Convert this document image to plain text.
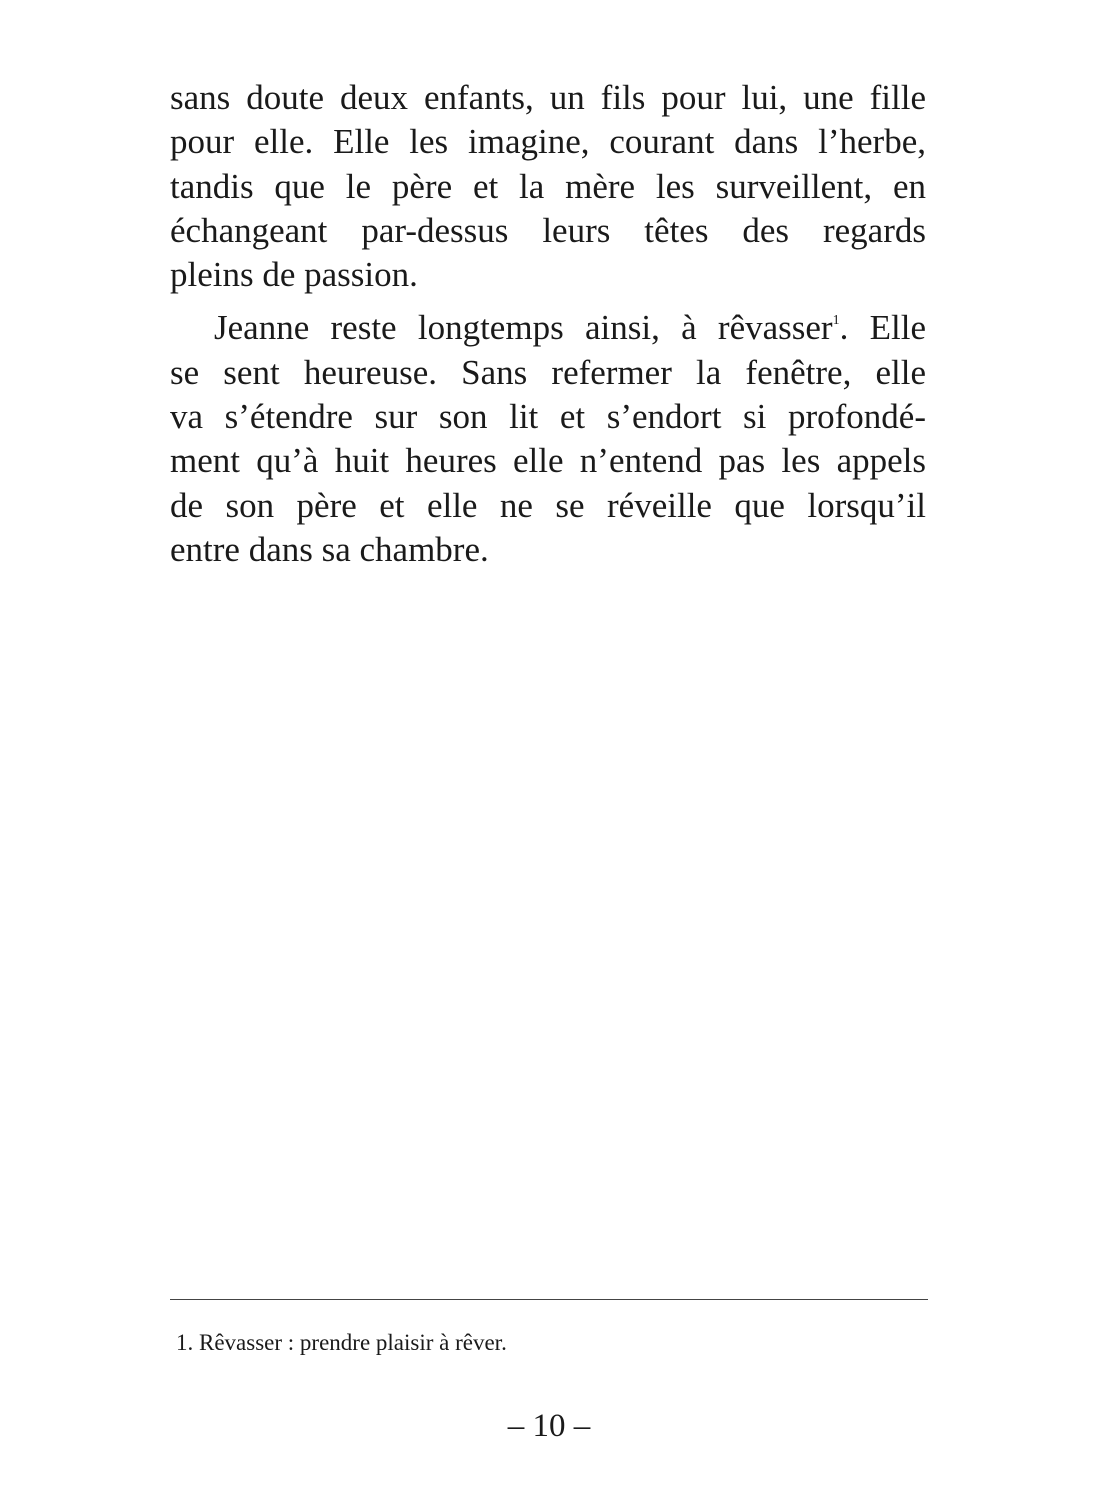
sans doute deux enfants, un fils pour lui, une fille
pour elle. Elle les imagine, courant dans l’herbe,
tandis que le père et la mère les surveillent, en
échangeant par-dessus leurs têtes des regards
pleins de passion.
Jeanne reste longtemps ainsi, à rêvasser$^1$. Elle
se sent heureuse. Sans refermer la fenêtre, elle
va s’étendre sur son lit et s’endort si profondé-
ment qu’à huit heures elle n’entend pas les appels
de son père et elle ne se réveille que lorsqu’il
entre dans sa chambre.
1. Rêvasser : prendre plaisir à rêver.
– 10 –
